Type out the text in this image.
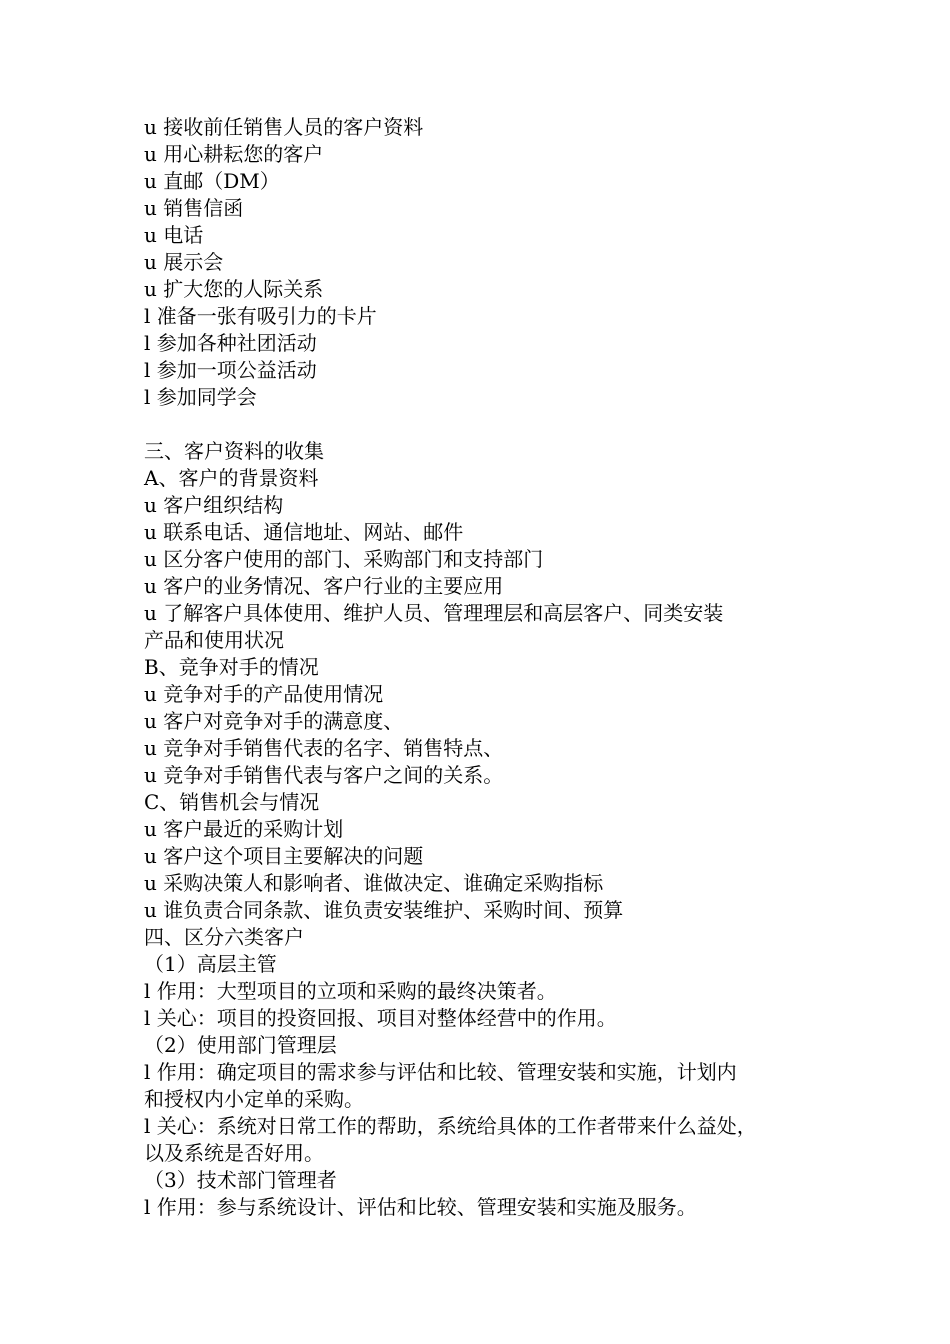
u 接收前任销售人员的客户资料
u 用心耕耘您的客户
u 直邮（DM）
u 销售信函
u 电话
u 展示会
u 扩大您的人际关系
l 准备一张有吸引力的卡片
l 参加各种社团活动
l 参加一项公益活动
l 参加同学会
三、客户资料的收集
A、客户的背景资料
u 客户组织结构
u 联系电话、通信地址、网站、邮件
u 区分客户使用的部门、采购部门和支持部门
u 客户的业务情况、客户行业的主要应用
u 了解客户具体使用、维护人员、管理理层和高层客户、同类安装
产品和使用状况
B、竞争对手的情况
u 竞争对手的产品使用情况
u 客户对竞争对手的满意度、
u 竞争对手销售代表的名字、销售特点、
u 竞争对手销售代表与客户之间的关系。
C、销售机会与情况
u 客户最近的采购计划
u 客户这个项目主要解决的问题
u 采购决策人和影响者、谁做决定、谁确定采购指标
u 谁负责合同条款、谁负责安装维护、采购时间、预算
四、区分六类客户
（1）高层主管
l 作用：大型项目的立项和采购的最终决策者。
l 关心：项目的投资回报、项目对整体经营中的作用。
（2）使用部门管理层
l 作用：确定项目的需求参与评估和比较、管理安装和实施，计划内
和授权内小定单的采购。
l 关心：系统对日常工作的帮助，系统给具体的工作者带来什么益处，
以及系统是否好用。
（3）技术部门管理者
l 作用：参与系统设计、评估和比较、管理安装和实施及服务。
